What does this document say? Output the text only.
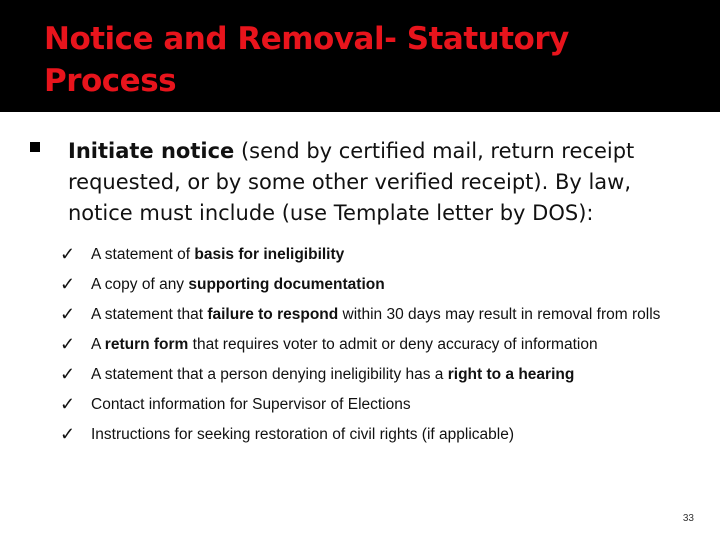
Notice and Removal- Statutory Process
Initiate notice (send by certified mail, return receipt requested, or by some other verified receipt). By law, notice must include (use Template letter by DOS):
✓ A statement of basis for ineligibility
✓ A copy of any supporting documentation
✓ A statement that failure to respond within 30 days may result in removal from rolls
✓ A return form that requires voter to admit or deny accuracy of information
✓ A statement that a person denying ineligibility has a right to a hearing
✓ Contact information for Supervisor of Elections
✓ Instructions for seeking restoration of civil rights (if applicable)
33
